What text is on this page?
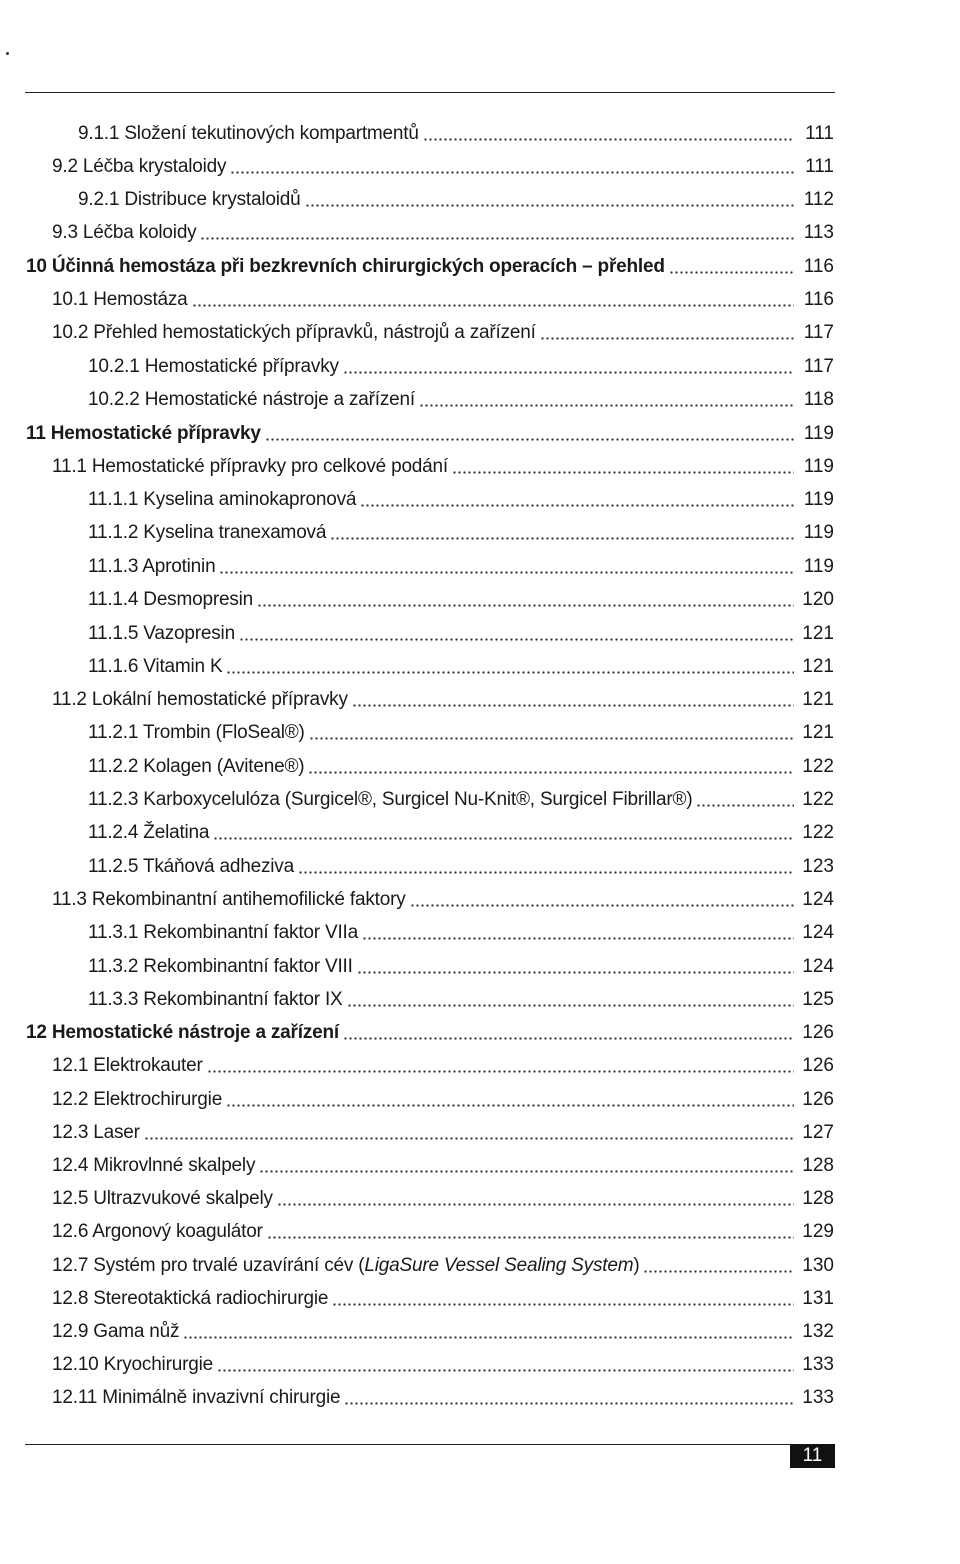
9.1.1 Složení tekutinových kompartmentů	111
9.2 Léčba krystaloidy	111
9.2.1 Distribuce krystaloidů	112
9.3 Léčba koloidy	113
10 Účinná hemostáza při bezkrevních chirurgických operacích – přehled	116
10.1 Hemostáza	116
10.2 Přehled hemostatických přípravků, nástrojů a zařízení	117
10.2.1 Hemostatické přípravky	117
10.2.2 Hemostatické nástroje a zařízení	118
11 Hemostatické přípravky	119
11.1 Hemostatické přípravky pro celkové podání	119
11.1.1 Kyselina aminokapronová	119
11.1.2 Kyselina tranexamová	119
11.1.3 Aprotinin	119
11.1.4 Desmopresin	120
11.1.5 Vazopresin	121
11.1.6 Vitamin K	121
11.2 Lokální hemostatické přípravky	121
11.2.1 Trombin (FloSeal®)	121
11.2.2 Kolagen (Avitene®)	122
11.2.3 Karboxycelulóza (Surgicel®, Surgicel Nu-Knit®, Surgicel Fibrillar®)	122
11.2.4 Želatina	122
11.2.5 Tkáňová adheziva	123
11.3 Rekombinantní antihemofilické faktory	124
11.3.1 Rekombinantní faktor VIIa	124
11.3.2 Rekombinantní faktor VIII	124
11.3.3 Rekombinantní faktor IX	125
12 Hemostatické nástroje a zařízení	126
12.1 Elektrokauter	126
12.2 Elektrochirurgie	126
12.3 Laser	127
12.4 Mikrovlnné skalpely	128
12.5 Ultrazvukové skalpely	128
12.6 Argonový koagulátor	129
12.7 Systém pro trvalé uzavírání cév (LigaSure Vessel Sealing System)	130
12.8 Stereotaktická radiochirurgie	131
12.9 Gama nůž	132
12.10 Kryochirurgie	133
12.11 Minimálně invazivní chirurgie	133
11
